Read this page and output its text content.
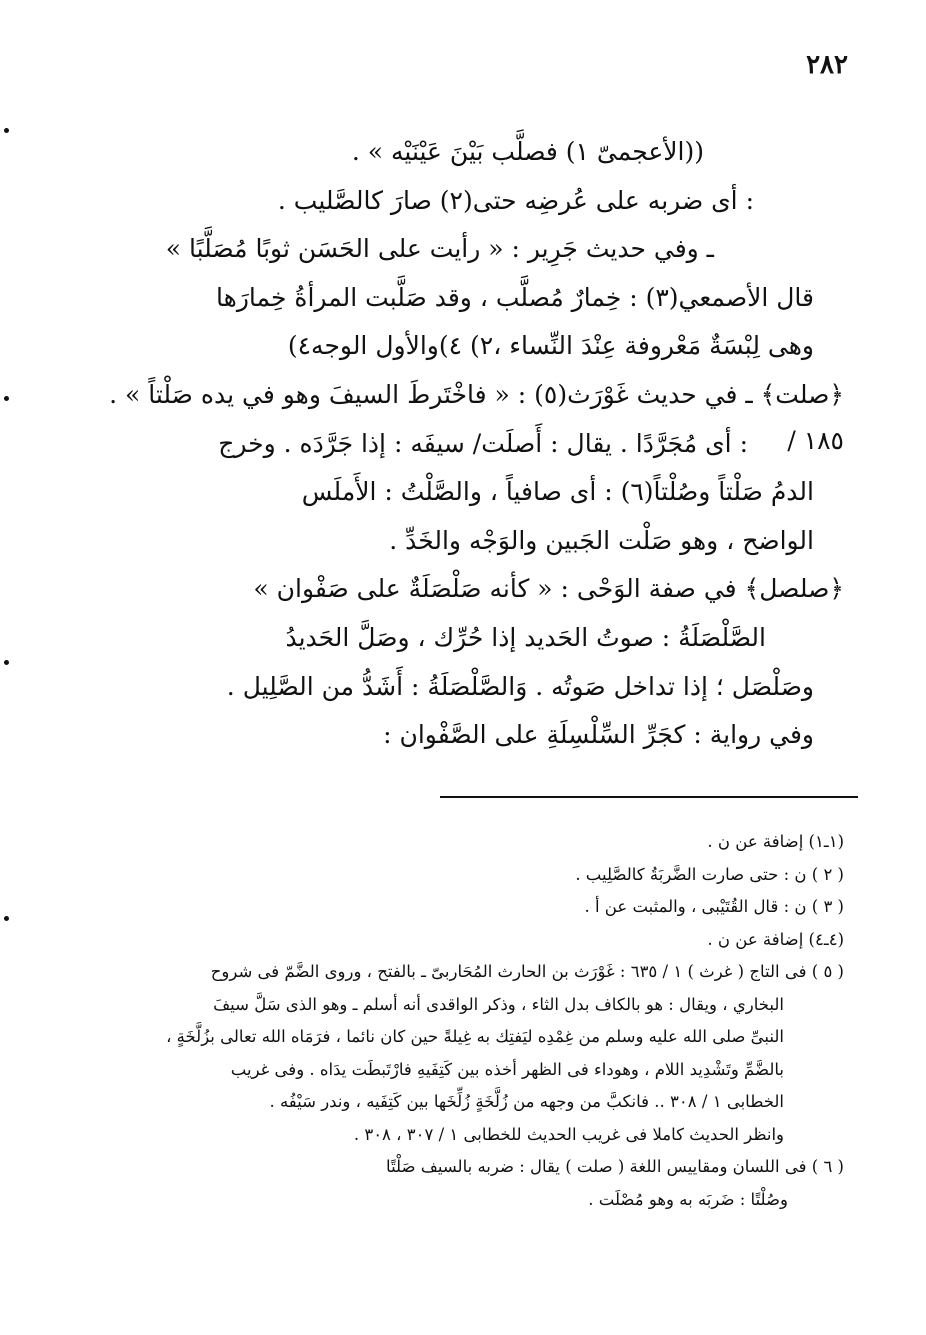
٢٨٢
١٨٥ /
((الأعجمىّ ١) فصلَّب بَيْنَ عَيْنَيْه » .
: أى ضربه على عُرضِه حتى(٢) صارَ كالصَّليب .
ـ وفي حديث جَرِير : « رأيت على الحَسَن ثوبًا مُصَلَّبًا »
قال الأصمعي(٣) : خِمارٌ مُصلَّب ، وقد صَلَّبت المرأةُ خِمارَها
وهى لِبْسَةٌ مَعْروفة عِنْدَ النِّساء ،٢) ٤)والأول الوجه٤)
﴿صلت﴾ ـ في حديث غَوْرَث(٥) : « فاخْتَرطَ السيفَ وهو في يده صَلْتاً » .
: أى مُجَرَّدًا . يقال : أَصلَت/ سيفَه : إذا جَرَّدَه . وخرج
الدمُ صَلْتاً وصُلْتاً(٦) : أى صافياً ، والصَّلْتُ : الأَملَس
الواضح ، وهو صَلْت الجَبين والوَجْه والخَدِّ .
﴿صلصل﴾ في صفة الوَحْى : « كأنه صَلْصَلَةٌ على صَفْوان »
الصَّلْصَلَةُ : صوتُ الحَديد إذا حُرِّك ، وصَلَّ الحَديدُ
وصَلْصَل ؛ إذا تداخل صَوتُه . وَالصَّلْصَلَةُ : أَشَدُّ من الصَّلِيل .
وفي رواية : كجَرِّ السِّلْسِلَةِ على الصَّفْوان :
(١ـ١) إضافة عن ن .
( ٢ ) ن : حتى صارت الضَّربَةُ كالصَّلِيب .
( ٣ ) ن : قال القُتَيْبى ، والمثبت عن أ .
(٤ـ٤) إضافة عن ن .
( ٥ ) فى التاج ( غرث ) ١ / ٦٣٥ : غَوْرَث بن الحارث المُحَاربىّ ـ بالفتح ، وروى الضَّمّ فى شروح
البخاري ، ويقال : هو بالكاف بدل الثاء ، وذكر الواقدى أنه أسلم ـ وهو الذى سَلَّ سيفَ
النبىِّ صلى الله عليه وسلم من غِمْدِه ليَفتِك به غِيلةً حين كان نائما ، فرَمَاه الله تعالى بزُلَّخَةٍ ،
بالضَّمِّ وتَشْدِيد اللام ، وهوداء فى الظهر أخذه بين كَتِفَيهِ فارْتَبطَت يدَاه . وفى غريب
الخطابى ١ / ٣٠٨ .. فانكبَّ من وجهه من زُلَّخَةٍ زُلِّخَها بين كَتِفَيه ، وندر سَيْفُه .
وانظر الحديث كاملا فى غريب الحديث للخطابى ١ / ٣٠٧ ، ٣٠٨ .
( ٦ ) فى اللسان ومقاييس اللغة ( صلت ) يقال : ضربه بالسيف صَلْتًا
وصُلْتًا : ضَربَه به وهو مُصْلَت .
